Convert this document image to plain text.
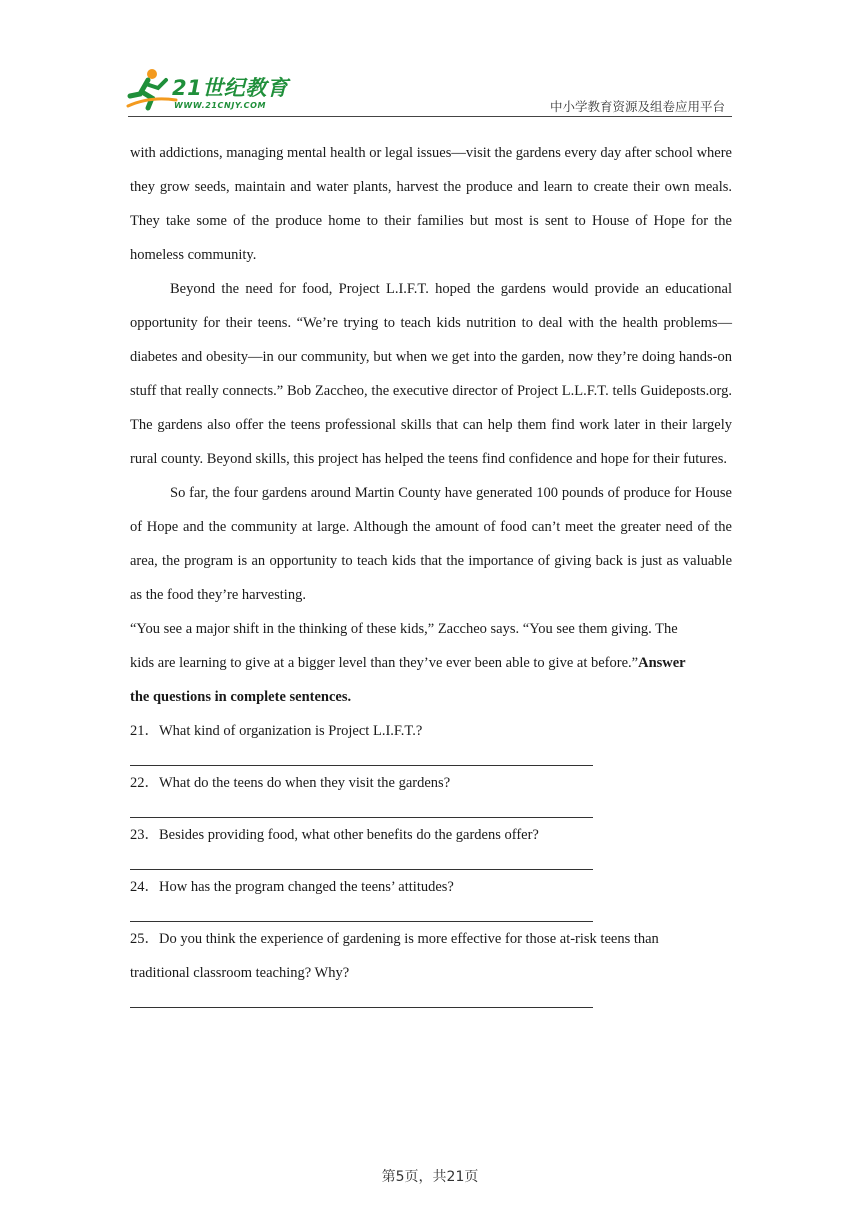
21世纪教育
WWW.21CNJY.COM	中小学教育资源及组卷应用平台

with addictions, managing mental health or legal issues—visit the gardens every day after school where they grow seeds, maintain and water plants, harvest the produce and learn to create their own meals. They take some of the produce home to their families but most is sent to House of Hope for the homeless community.

Beyond the need for food, Project L.I.F.T. hoped the gardens would provide an educational opportunity for their teens. “We’re trying to teach kids nutrition to deal with the health problems—diabetes and obesity—in our community, but when we get into the garden, now they’re doing hands-on stuff that really connects.” Bob Zaccheo, the executive director of Project L.L.F.T. tells Guideposts.org. The gardens also offer the teens professional skills that can help them find work later in their largely rural county. Beyond skills, this project has helped the teens find confidence and hope for their futures.

So far, the four gardens around Martin County have generated 100 pounds of produce for House of Hope and the community at large. Although the amount of food can’t meet the greater need of the area, the program is an opportunity to teach kids that the importance of giving back is just as valuable as the food they’re harvesting.

“You see a major shift in the thinking of these kids,” Zaccheo says. “You see them giving. The
kids are learning to give at a bigger level than they’ve ever been able to give at before.”Answer
the questions in complete sentences.

21．What kind of organization is Project L.I.F.T.?

22．What do the teens do when they visit the gardens?

23．Besides providing food, what other benefits do the gardens offer?

24．How has the program changed the teens’ attitudes?

25．Do you think the experience of gardening is more effective for those at-risk teens than traditional classroom teaching? Why?

第5页，共21页
